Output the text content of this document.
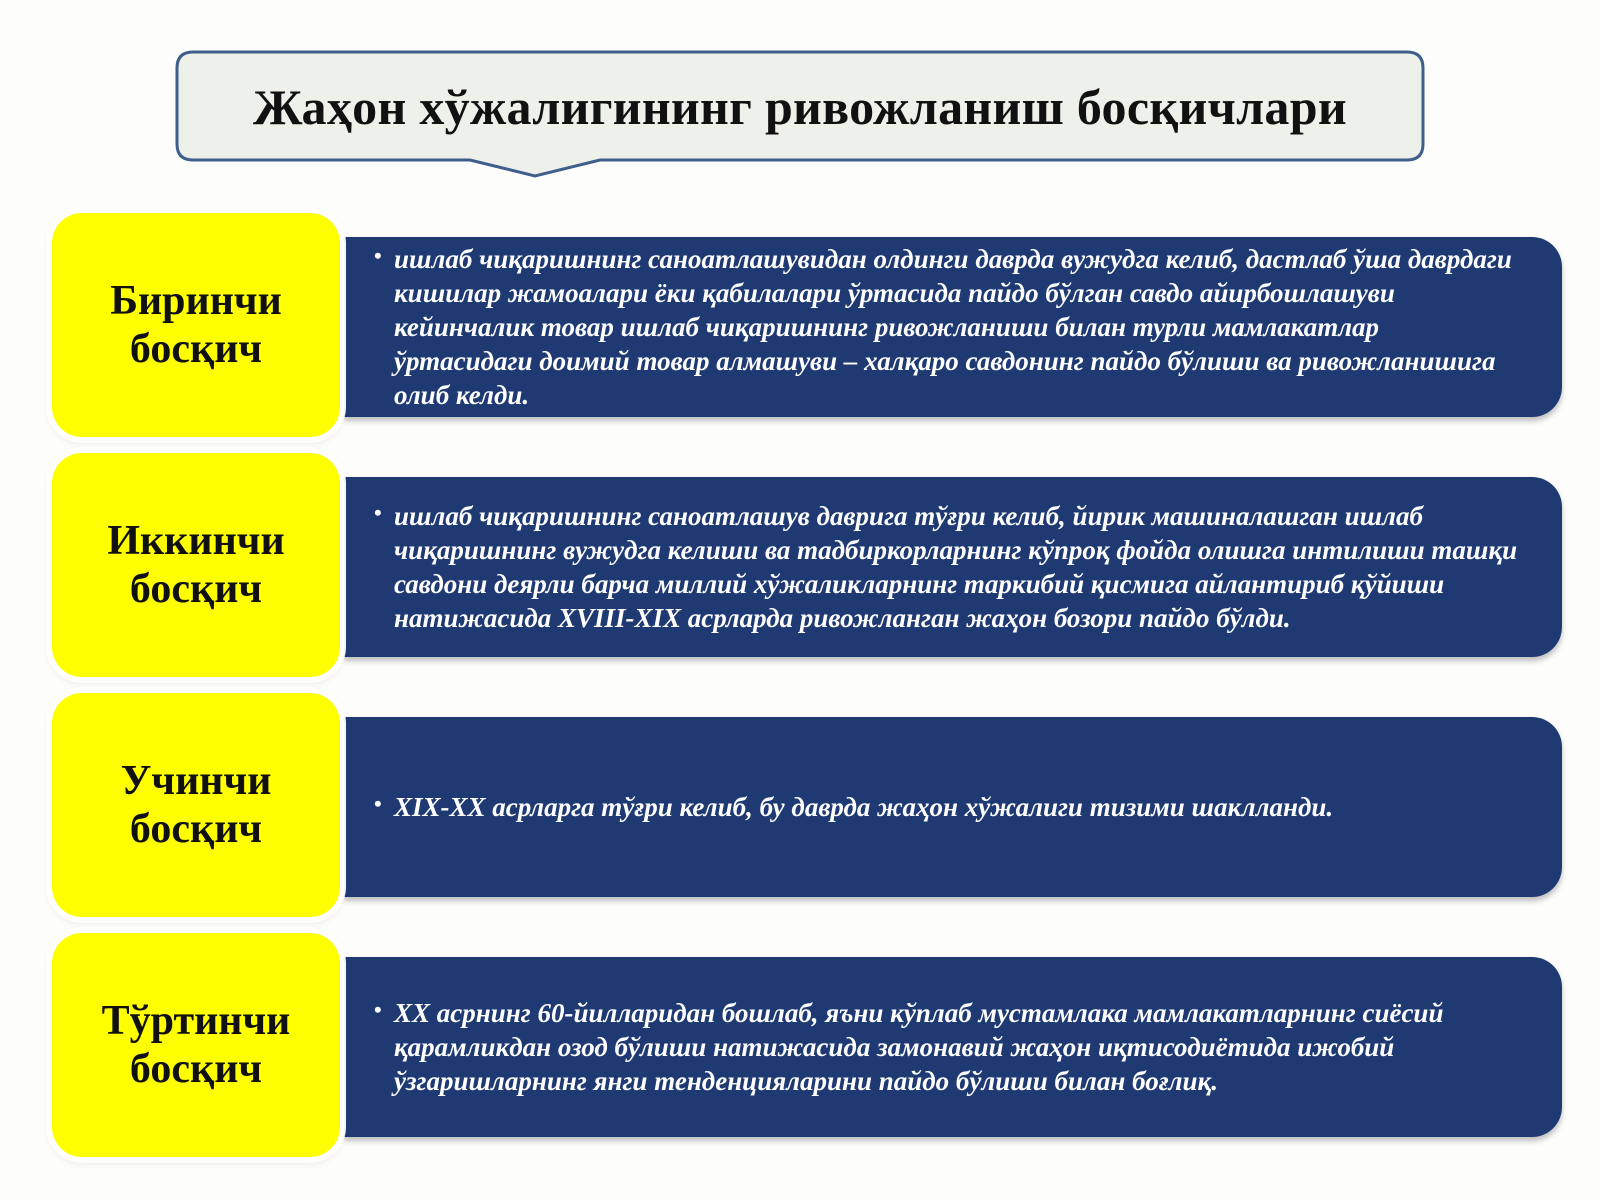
Жаҳон хўжалигининг ривожланиш босқичлари
Биринчи
босқич
• ишлаб чиқаришнинг саноатлашувидан олдинги даврда вужудга келиб, дастлаб ўша даврдаги кишилар жамоалари ёки қабилалари ўртасида пайдо бўлган савдо айирбошлашуви кейинчалик товар ишлаб чиқаришнинг ривожланиши билан турли мамлакатлар ўртасидаги доимий товар алмашуви – халқаро савдонинг пайдо бўлиши ва ривожланишига олиб келди.
Иккинчи
босқич
• ишлаб чиқаришнинг саноатлашув даврига тўғри келиб, йирик машиналашган ишлаб чиқаришнинг вужудга келиши ва тадбиркорларнинг кўпроқ фойда олишга интилиши ташқи савдони деярли барча миллий хўжаликларнинг таркибий қисмига айлантириб қўйиши натижасида XVIII-XIX асрларда ривожланган жаҳон бозори пайдо бўлди.
Учинчи
босқич
• XIX-XX асрларга тўғри келиб, бу даврда жаҳон хўжалиги тизими шаклланди.
Тўртинчи
босқич
• XX асрнинг 60-йилларидан бошлаб, яъни кўплаб мустамлака мамлакатларнинг сиёсий қарамликдан озод бўлиши натижасида замонавий жаҳон иқтисодиётида ижобий ўзгаришларнинг янги тенденцияларини пайдо бўлиши билан боғлиқ.
